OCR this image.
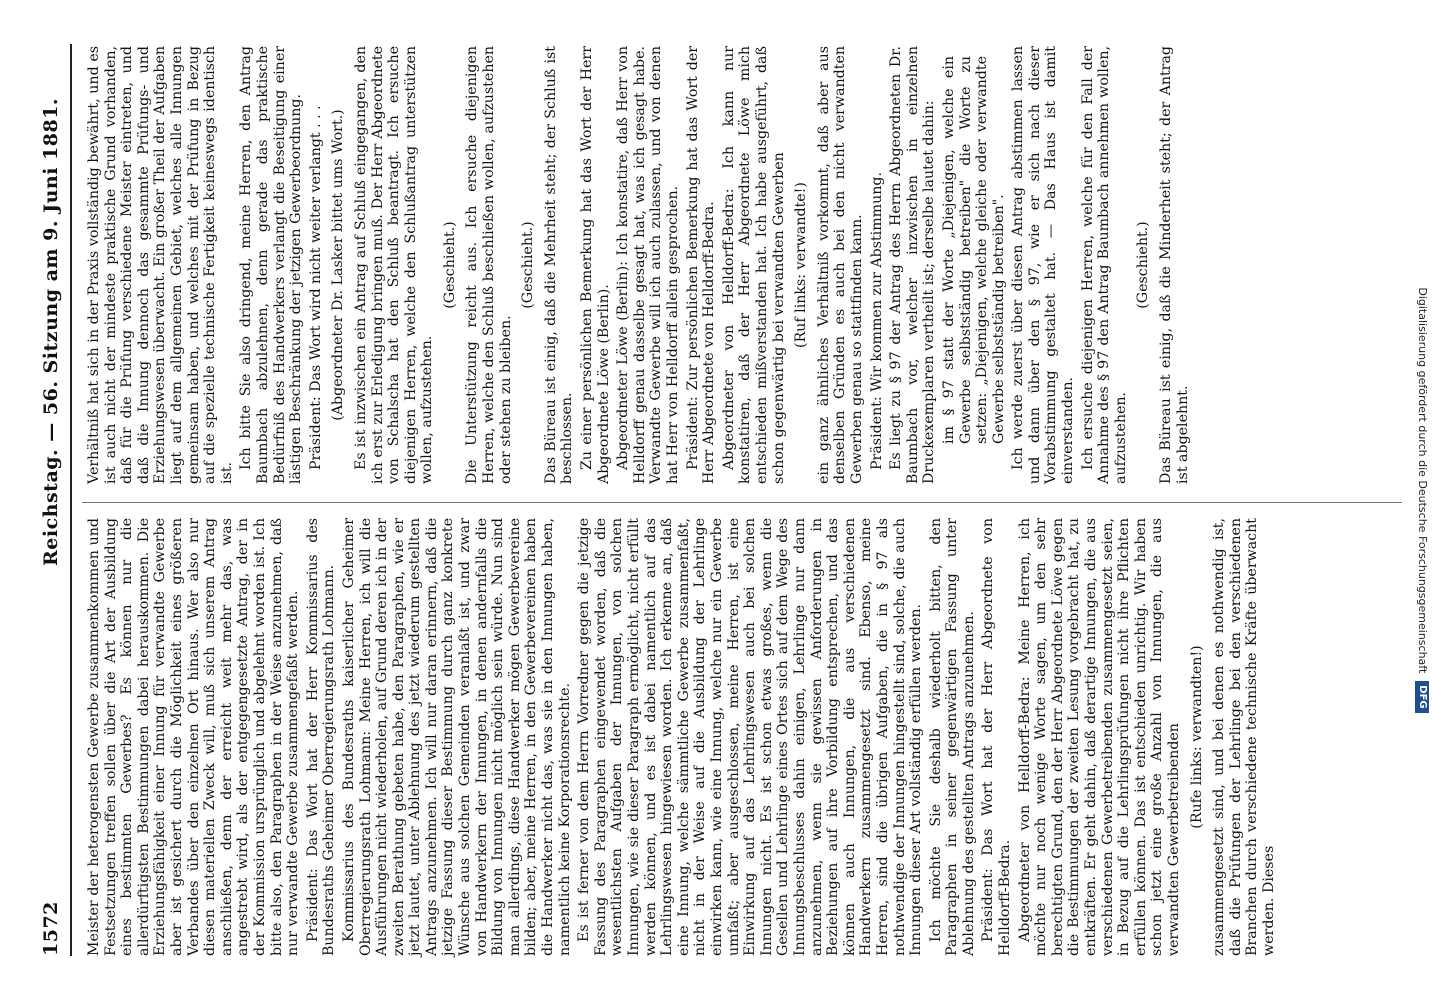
1572
Reichstag. — 56. Sitzung am 9. Juni 1881.

Meister der heterogensten Gewerbe zusammenkommen und Festsetzungen treffen sollen über die Art der Ausbildung eines bestimmten Gewerbes? Es können nur die allerdürftigsten Bestimmungen dabei herauskommen. Die Erziehungsfähigkeit einer Innung für verwandte Gewerbe aber ist gesichert durch die Möglichkeit eines größeren Verbandes über den einzelnen Ort hinaus. Wer also nur diesen materiellen Zweck will, muß sich unserem Antrag anschließen, denn der erreicht weit mehr das, was angestrebt wird, als der entgegengesetzte Antrag, der in der Kommission ursprünglich und abgelehnt worden ist. Ich bitte also, den Paragraphen in der Weise anzunehmen, daß nur verwandte Gewerbe zusammengefaßt werden. Präsident: Das Wort hat der Herr Kommissarius des Bundesraths Geheimer Oberregierungsrath Lohmann. Kommissarius des Bundesraths kaiserlicher Geheimer Oberregierungsrath Lohmann: Meine Herren, ich will die Ausführungen nicht wiederholen, auf Grund deren ich in der zweiten Berathung gebeten habe, den Paragraphen, wie er jetzt lautet, unter Ablehnung des jetzt wiederum gestellten Antrags anzunehmen. Ich will nur daran erinnern, daß die jetzige Fassung dieser Bestimmung durch ganz konkrete Wünsche aus solchen Gemeinden veranlaßt ist, und zwar von Handwerkern der Innungen, in denen andernfalls die Bildung von Innungen nicht möglich sein würde. Nun sind man allerdings, diese Handwerker mögen Gewerbevereine bilden; aber, meine Herren, in den Gewerbevereinen haben die Handwerker nicht das, was sie in den Innungen haben, namentlich keine Korporationsrechte. Es ist ferner von dem Herrn Vorredner gegen die jetzige Fassung des Paragraphen eingewendet worden, daß die wesentlichsten Aufgaben der Innungen, von solchen Innungen, wie sie dieser Paragraph ermöglicht, nicht erfüllt werden können, und es ist dabei namentlich auf das Lehrlingswesen hingewiesen worden. Ich erkenne an, daß eine Innung, welche sämmtliche Gewerbe zusammenfaßt, nicht in der Weise auf die Ausbildung der Lehrlinge einwirken kann, wie eine Innung, welche nur ein Gewerbe umfaßt; aber ausgeschlossen, meine Herren, ist eine Einwirkung auf das Lehrlingswesen auch bei solchen Innungen nicht. Es ist schon etwas großes, wenn die Gesellen und Lehrlinge eines Ortes sich auf dem Wege des Innungsbeschlusses dahin einigen, Lehrlinge nur dann anzunehmen, wenn sie gewissen Anforderungen in Beziehungen auf ihre Vorbildung entsprechen, und das können auch Innungen, die aus verschiedenen Handwerkern zusammengesetzt sind. Ebenso, meine Herren, sind die übrigen Aufgaben, die in § 97 als nothwendige der Innungen hingestellt sind, solche, die auch Innungen dieser Art vollständig erfüllen werden. Ich möchte Sie deshalb wiederholt bitten, den Paragraphen in seiner gegenwärtigen Fassung unter Ablehnung des gestellten Antrags anzunehmen. Präsident: Das Wort hat der Herr Abgeordnete von Helldorff-Bedra. Abgeordneter von Helldorff-Bedra: Meine Herren, ich möchte nur noch wenige Worte sagen, um den sehr berechtigten Grund, den der Herr Abgeordnete Löwe gegen die Bestimmungen der zweiten Lesung vorgebracht hat, zu entkräften. Er geht dahin, daß derartige Innungen, die aus verschiedenen Gewerbetreibenden zusammengesetzt seien, in Bezug auf die Lehrlingsprüfungen nicht ihre Pflichten erfüllen können. Das ist entschieden unrichtig. Wir haben schon jetzt eine große Anzahl von Innungen, die aus verwandten Gewerbetreibenden (Rufe links: verwandten!) zusammengesetzt sind, und bei denen es nothwendig ist, daß die Prüfungen der Lehrlinge bei den verschiedenen Branchen durch verschiedene technische Kräfte überwacht werden. Dieses

Verhältniß hat sich in der Praxis vollständig bewährt, und es ist auch nicht der mindeste praktische Grund vorhanden, daß für die Prüfung verschiedene Meister eintreten, und daß die Innung dennoch das gesammte Prüfungs- und Erziehungswesen überwacht. Ein großer Theil der Aufgaben liegt auf dem allgemeinen Gebiet, welches alle Innungen gemeinsam haben, und welches mit der Prüfung in Bezug auf die spezielle technische Fertigkeit keineswegs identisch ist.

Ich bitte Sie also dringend, meine Herren, den Antrag Baumbach abzulehnen, denn gerade das praktische Bedürfniß des Handwerkers verlangt die Beseitigung einer lästigen Beschränkung der jetzigen Gewerbeordnung. Präsident: Das Wort wird nicht weiter verlangt . . . (Abgeordneter Dr. Lasker bittet ums Wort.) Es ist inzwischen ein Antrag auf Schluß eingegangen, den ich erst zur Erledigung bringen muß. Der Herr Abgeordnete von Schalscha hat den Schluß beantragt. Ich ersuche diejenigen Herren, welche den Schlußantrag unterstützen wollen, aufzustehen.

(Geschieht.) Die Unterstützung reicht aus. Ich ersuche diejenigen Herren, welche den Schluß beschließen wollen, aufzustehen oder stehen zu bleiben.

(Geschieht.) Das Büreau ist einig, daß die Mehrheit steht; der Schluß ist beschlossen. Zu einer persönlichen Bemerkung hat das Wort der Herr Abgeordnete Löwe (Berlin). Abgeordneter Löwe (Berlin): Ich konstatire, daß Herr von Helldorff genau dasselbe gesagt hat, was ich gesagt habe. Verwandte Gewerbe will ich auch zulassen, und von denen hat Herr von Helldorff allein gesprochen. Präsident: Zur persönlichen Bemerkung hat das Wort der Herr Abgeordnete von Helldorff-Bedra. Abgeordneter von Helldorff-Bedra: Ich kann nur konstatiren, daß der Herr Abgeordnete Löwe mich entschieden mißverstanden hat. Ich habe ausgeführt, daß schon gegenwärtig bei verwandten Gewerben (Ruf links: verwandte!) ein ganz ähnliches Verhältniß vorkommt, daß aber aus denselben Gründen es auch bei den nicht verwandten Gewerben genau so stattfinden kann. Präsident: Wir kommen zur Abstimmung. Es liegt zu § 97 der Antrag des Herrn Abgeordneten Dr. Baumbach vor, welcher inzwischen in einzelnen Druckexemplaren vertheilt ist; derselbe lautet dahin: im § 97 statt der Worte „Diejenigen, welche ein Gewerbe selbstständig betreiben" die Worte zu setzen: „Diejenigen, welche gleiche oder verwandte Gewerbe selbstständig betreiben". Ich werde zuerst über diesen Antrag abstimmen lassen und dann über den § 97, wie er sich nach dieser Vorabstimmung gestaltet hat. — Das Haus ist damit einverstanden. Ich ersuche diejenigen Herren, welche für den Fall der Annahme des § 97 den Antrag Baumbach annehmen wollen, aufzustehen.

(Geschieht.) Das Büreau ist einig, daß die Minderheit steht; der Antrag ist abgelehnt.	Digitalisierung gefördert durch die Deutsche ForschungsgemeinschaftDFG
